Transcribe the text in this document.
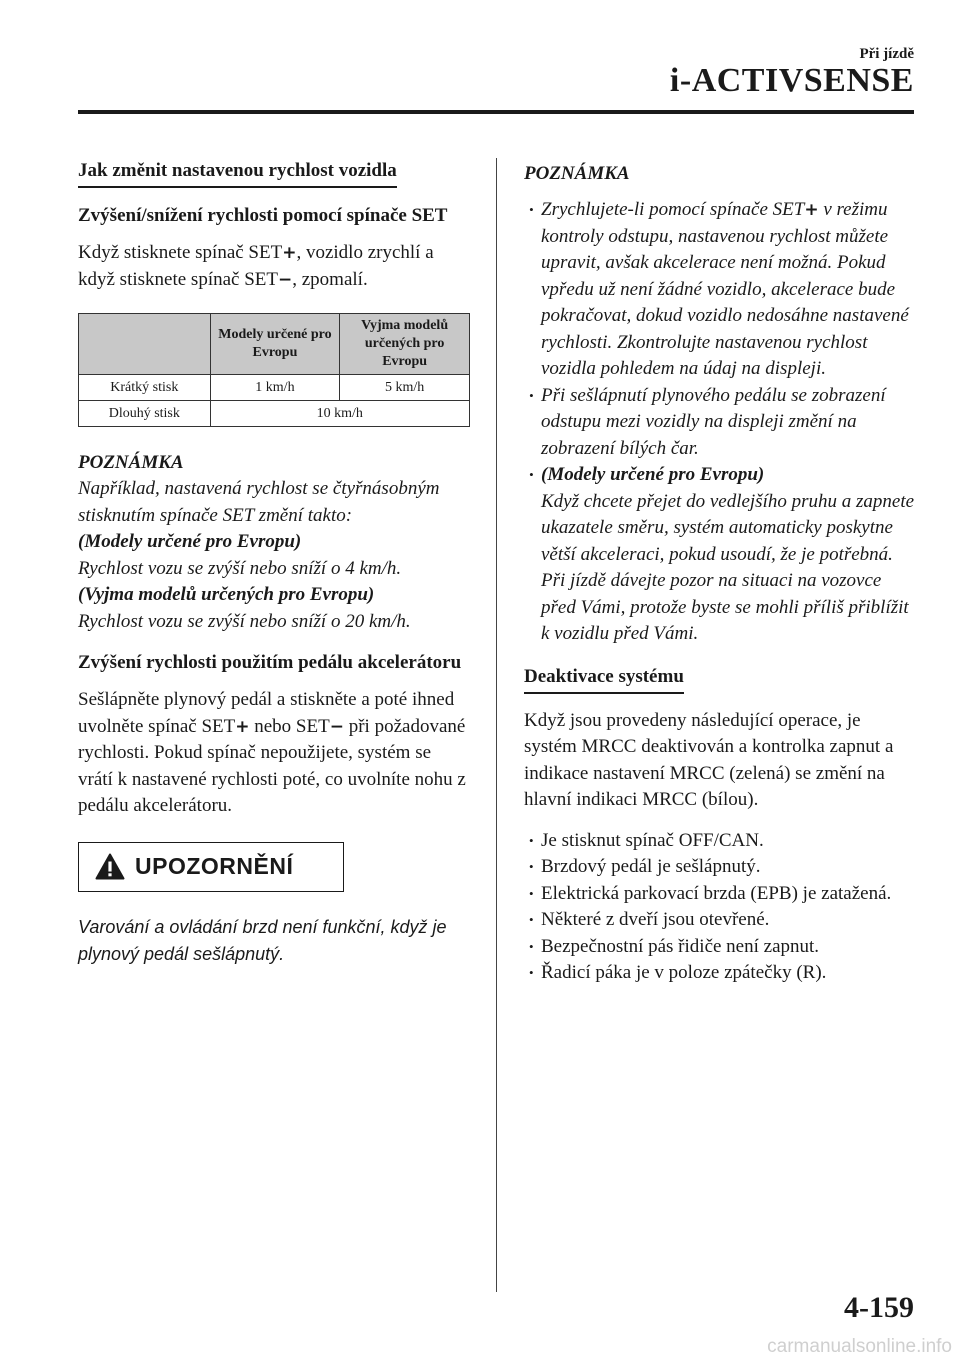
Při jízdě
i-ACTIVSENSE
Jak změnit nastavenou rychlost vozidla
Zvýšení/snížení rychlosti pomocí spínače SET

Když stisknete spínač SET+, vozidlo zrychlí a když stisknete spínač SET−, zpomalí.

	Modely určené pro Evropu	Vyjma modelů určených pro Evropu
Krátký stisk	1 km/h	5 km/h
Dlouhý stisk	10 km/h	
POZNÁMKA
Například, nastavená rychlost se čtyřnásobným stisknutím spínače SET změní takto:
(Modely určené pro Evropu)
Rychlost vozu se zvýší nebo sníží o 4 km/h.
(Vyjma modelů určených pro Evropu)
Rychlost vozu se zvýší nebo sníží o 20 km/h.
Zvýšení rychlosti použitím pedálu akcelerátoru

Sešlápněte plynový pedál a stiskněte a poté ihned uvolněte spínač SET+ nebo SET− při požadované rychlosti. Pokud spínač nepoužijete, systém se vrátí k nastavené rychlosti poté, co uvolníte nohu z pedálu akcelerátoru.

UPOZORNĚNÍ
Varování a ovládání brzd není funkční, když je plynový pedál sešlápnutý.
POZNÁMKA
• Zrychlujete-li pomocí spínače SET+ v režimu kontroly odstupu, nastavenou rychlost můžete upravit, avšak akcelerace není možná. Pokud vpředu už není žádné vozidlo, akcelerace bude pokračovat, dokud vozidlo nedosáhne nastavené rychlosti. Zkontrolujte nastavenou rychlost vozidla pohledem na údaj na displeji.
• Při sešlápnutí plynového pedálu se zobrazení odstupu mezi vozidly na displeji změní na zobrazení bílých čar.
• (Modely určené pro Evropu)
Když chcete přejet do vedlejšího pruhu a zapnete ukazatele směru, systém automaticky poskytne větší akceleraci, pokud usoudí, že je potřebná. Při jízdě dávejte pozor na situaci na vozovce před Vámi, protože byste se mohli příliš přiblížit k vozidlu před Vámi.
Deaktivace systému

Když jsou provedeny následující operace, je systém MRCC deaktivován a kontrolka zapnut a indikace nastavení MRCC (zelená) se změní na hlavní indikaci MRCC (bílou).

• Je stisknut spínač OFF/CAN.
• Brzdový pedál je sešlápnutý.
• Elektrická parkovací brzda (EPB) je zatažená.
• Některé z dveří jsou otevřené.
• Bezpečnostní pás řidiče není zapnut.
• Řadicí páka je v poloze zpátečky (R).
4-159
carmanualsonline.info
